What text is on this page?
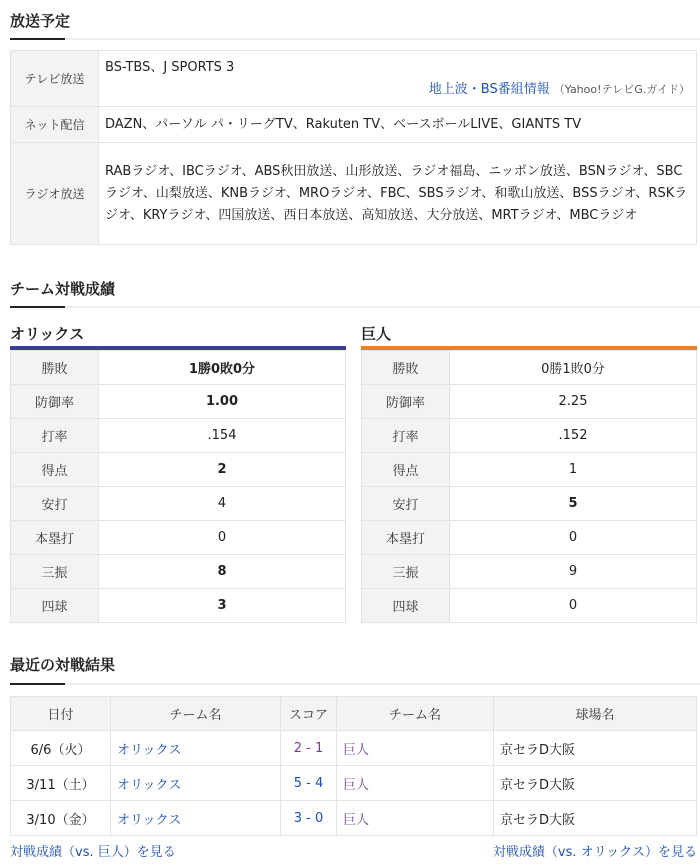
放送予定
テレビ放送	BS-TBS、J SPORTS 3
地上波・BS番組情報 （Yahoo!テレビG.ガイド）

ネット配信	DAZN、パーソル パ・リーグTV、Rakuten TV、ベースボールLIVE、GIANTS TV
ラジオ放送	RABラジオ、IBCラジオ、ABS秋田放送、山形放送、ラジオ福島、ニッポン放送、BSNラジオ、SBCラジオ、山梨放送、KNBラジオ、MROラジオ、FBC、SBSラジオ、和歌山放送、BSSラジオ、RSKラジオ、KRYラジオ、四国放送、西日本放送、高知放送、大分放送、MRTラジオ、MBCラジオ
チーム対戦成績
オリックス
勝敗	1勝0敗0分
防御率	1.00
打率	.154
得点	2
安打	4
本塁打	0
三振	8
四球	3
巨人
勝敗	0勝1敗0分
防御率	2.25
打率	.152
得点	1
安打	5
本塁打	0
三振	9
四球	0
最近の対戦結果
日付	チーム名	スコア	チーム名	球場名
6/6（火）	オリックス	2 - 1	巨人	京セラD大阪
3/11（土）	オリックス	5 - 4	巨人	京セラD大阪
3/10（金）	オリックス	3 - 0	巨人	京セラD大阪
対戦成績（vs. 巨人）を見る	対戦成績（vs. オリックス）を見る
